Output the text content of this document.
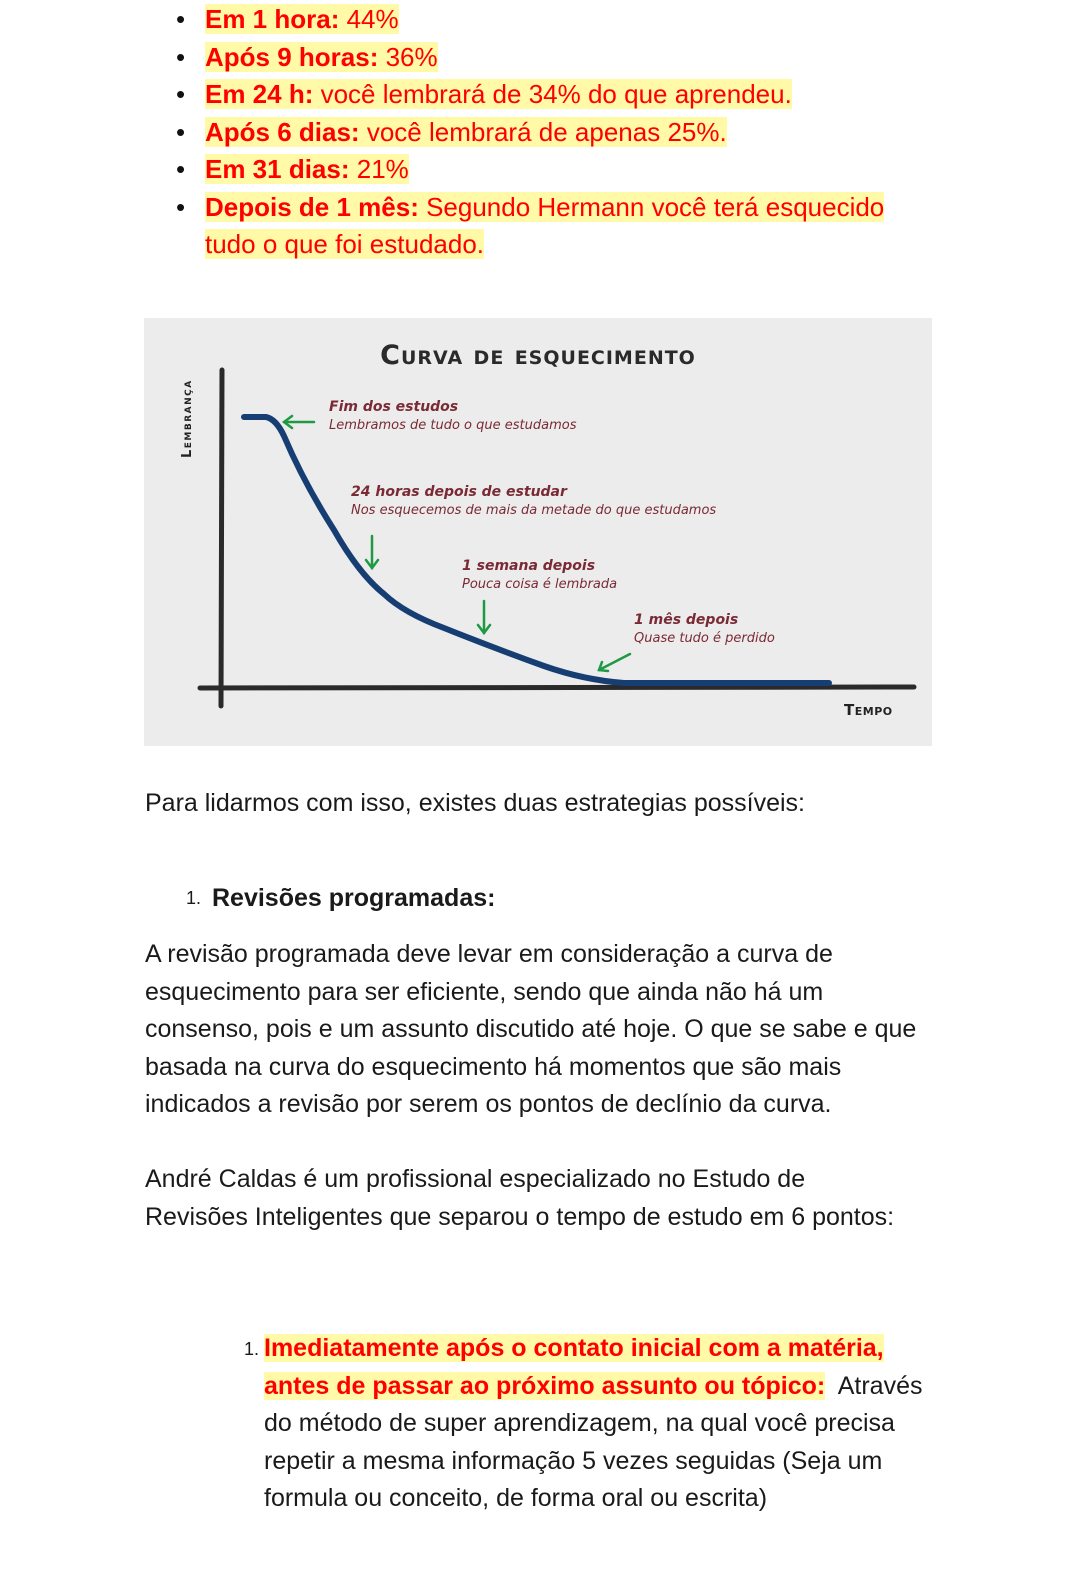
• Em 1 hora: 44%
• Após 9 horas: 36%
• Em 24 h: você lembrará de 34% do que aprendeu.
• Após 6 dias: você lembrará de apenas 25%.
• Em 31 dias: 21%
• Depois de 1 mês: Segundo Hermann você terá esquecido tudo o que foi estudado.
Curva de esquecimento
Lembrança
Tempo
Fim dos estudos
Lembramos de tudo o que estudamos
24 horas depois de estudar
Nos esquecemos de mais da metade do que estudamos
1 semana depois
Pouca coisa é lembrada
1 mês depois
Quase tudo é perdido

Para lidarmos com isso, existes duas estrategias possíveis:

1. Revisões programadas:

A revisão programada deve levar em consideração a curva de esquecimento para ser eficiente, sendo que ainda não há um consenso, pois e um assunto discutido até hoje. O que se sabe e que basada na curva do esquecimento há momentos que são mais indicados a revisão por serem os pontos de declínio da curva.

André Caldas é um profissional especializado no Estudo de Revisões Inteligentes que separou o tempo de estudo em 6 pontos:

1. Imediatamente após o contato inicial com a matéria, antes de passar ao próximo assunto ou tópico:  Através do método de super aprendizagem, na qual você precisa repetir a mesma informação 5 vezes seguidas (Seja um formula ou conceito, de forma oral ou escrita)
